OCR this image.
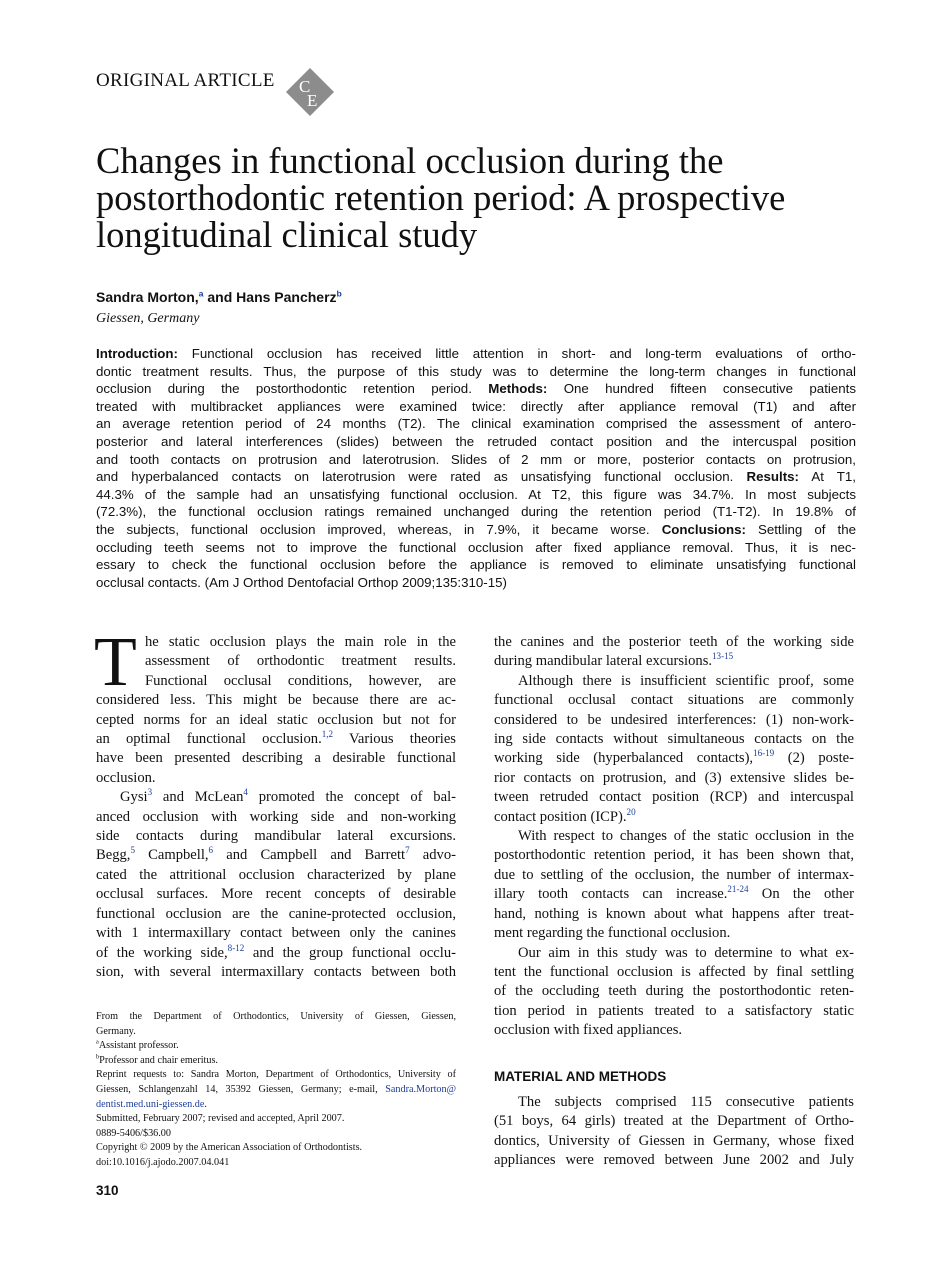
ORIGINAL ARTICLE C
E
Changes in functional occlusion during the
postorthodontic retention period: A prospective
longitudinal clinical study
Sandra Morton,$^a$ and Hans Pancherz$^b$
Giessen, Germany
Introduction: Functional occlusion has received little attention in short- and long-term evaluations of ortho-
dontic treatment results. Thus, the purpose of this study was to determine the long-term changes in functional
occlusion during the postorthodontic retention period. Methods: One hundred fifteen consecutive patients
treated with multibracket appliances were examined twice: directly after appliance removal (T1) and after
an average retention period of 24 months (T2). The clinical examination comprised the assessment of antero-
posterior and lateral interferences (slides) between the retruded contact position and the intercuspal position
and tooth contacts on protrusion and laterotrusion. Slides of 2 mm or more, posterior contacts on protrusion,
and hyperbalanced contacts on laterotrusion were rated as unsatisfying functional occlusion. Results: At T1,
44.3% of the sample had an unsatisfying functional occlusion. At T2, this figure was 34.7%. In most subjects
(72.3%), the functional occlusion ratings remained unchanged during the retention period (T1-T2). In 19.8% of
the subjects, functional occlusion improved, whereas, in 7.9%, it became worse. Conclusions: Settling of the
occluding teeth seems not to improve the functional occlusion after fixed appliance removal. Thus, it is nec-
essary to check the functional occlusion before the appliance is removed to eliminate unsatisfying functional
occlusal contacts. (Am J Orthod Dentofacial Orthop 2009;135:310-15)
T he static occlusion plays the main role in the
assessment of orthodontic treatment results.
Functional occlusal conditions, however, are
considered less. This might be because there are ac-
cepted norms for an ideal static occlusion but not for
an optimal functional occlusion.$^{1,2}$ Various theories
have been presented describing a desirable functional
occlusion.
Gysi$^3$ and McLean$^4$ promoted the concept of bal-
anced occlusion with working side and non-working
side contacts during mandibular lateral excursions.
Begg,$^5$ Campbell,$^6$ and Campbell and Barrett$^7$ advo-
cated the attritional occlusion characterized by plane
occlusal surfaces. More recent concepts of desirable
functional occlusion are the canine-protected occlusion,
with 1 intermaxillary contact between only the canines
of the working side,$^{8-12}$ and the group functional occlu-
sion, with several intermaxillary contacts between both
the canines and the posterior teeth of the working side
during mandibular lateral excursions.$^{13-15}$
Although there is insufficient scientific proof, some
functional occlusal contact situations are commonly
considered to be undesired interferences: (1) non-work-
ing side contacts without simultaneous contacts on the
working side (hyperbalanced contacts),$^{16-19}$ (2) poste-
rior contacts on protrusion, and (3) extensive slides be-
tween retruded contact position (RCP) and intercuspal
contact position (ICP).$^{20}$
With respect to changes of the static occlusion in the
postorthodontic retention period, it has been shown that,
due to settling of the occlusion, the number of intermax-
illary tooth contacts can increase.$^{21-24}$ On the other
hand, nothing is known about what happens after treat-
ment regarding the functional occlusion.
Our aim in this study was to determine to what ex-
tent the functional occlusion is affected by final settling
of the occluding teeth during the postorthodontic reten-
tion period in patients treated to a satisfactory static
occlusion with fixed appliances.
MATERIAL AND METHODS
The subjects comprised 115 consecutive patients
(51 boys, 64 girls) treated at the Department of Ortho-
dontics, University of Giessen in Germany, whose fixed
appliances were removed between June 2002 and July
From the Department of Orthodontics, University of Giessen, Giessen,
Germany.
$^a$Assistant professor.
$^b$Professor and chair emeritus.
Reprint requests to: Sandra Morton, Department of Orthodontics, University of
Giessen, Schlangenzahl 14, 35392 Giessen, Germany; e-mail, Sandra.Morton@
dentist.med.uni-giessen.de.
Submitted, February 2007; revised and accepted, April 2007.
0889-5406/$36.00
Copyright © 2009 by the American Association of Orthodontists.
doi:10.1016/j.ajodo.2007.04.041
310
